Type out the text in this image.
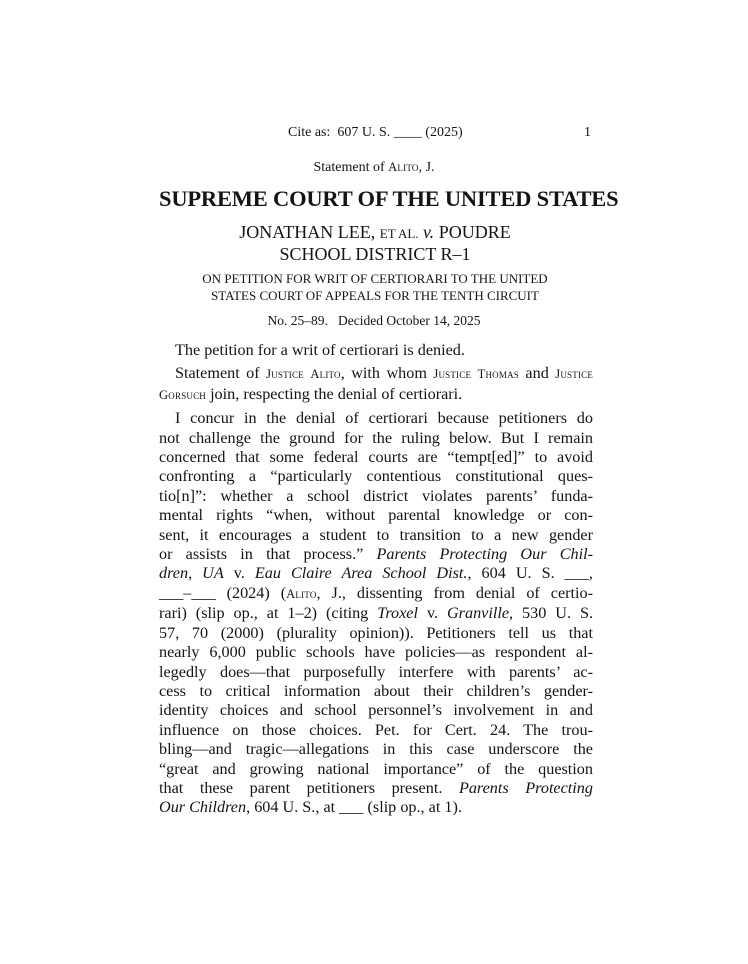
Cite as:  607 U. S. ____ (2025)	1
Statement of Alito, J.
SUPREME COURT OF THE UNITED STATES
JONATHAN LEE, ET AL. v. POUDRE
SCHOOL DISTRICT R–1
ON PETITION FOR WRIT OF CERTIORARI TO THE UNITED
STATES COURT OF APPEALS FOR THE TENTH CIRCUIT
No. 25–89.   Decided October 14, 2025

The petition for a writ of certiorari is denied.

Statement of Justice Alito, with whom Justice Thomas and Justice Gorsuch join, respecting the denial of certiorari.

I concur in the denial of certiorari because petitioners do
not challenge the ground for the ruling below. But I remain
concerned that some federal courts are “tempt[ed]” to avoid
confronting a “particularly contentious constitutional ques-
tio[n]”: whether a school district violates parents’ funda-
mental rights “when, without parental knowledge or con-
sent, it encourages a student to transition to a new gender
or assists in that process.” Parents Protecting Our Chil-
dren, UA v. Eau Claire Area School Dist., 604 U. S. ___,
___–___ (2024) (Alito, J., dissenting from denial of certio-
rari) (slip op., at 1–2) (citing Troxel v. Granville, 530 U. S.
57, 70 (2000) (plurality opinion)). Petitioners tell us that
nearly 6,000 public schools have policies—as respondent al-
legedly does—that purposefully interfere with parents’ ac-
cess to critical information about their children’s gender-
identity choices and school personnel’s involvement in and
influence on those choices. Pet. for Cert. 24. The trou-
bling—and tragic—allegations in this case underscore the
“great and growing national importance” of the question
that these parent petitioners present. Parents Protecting
Our Children, 604 U. S., at ___ (slip op., at 1).
